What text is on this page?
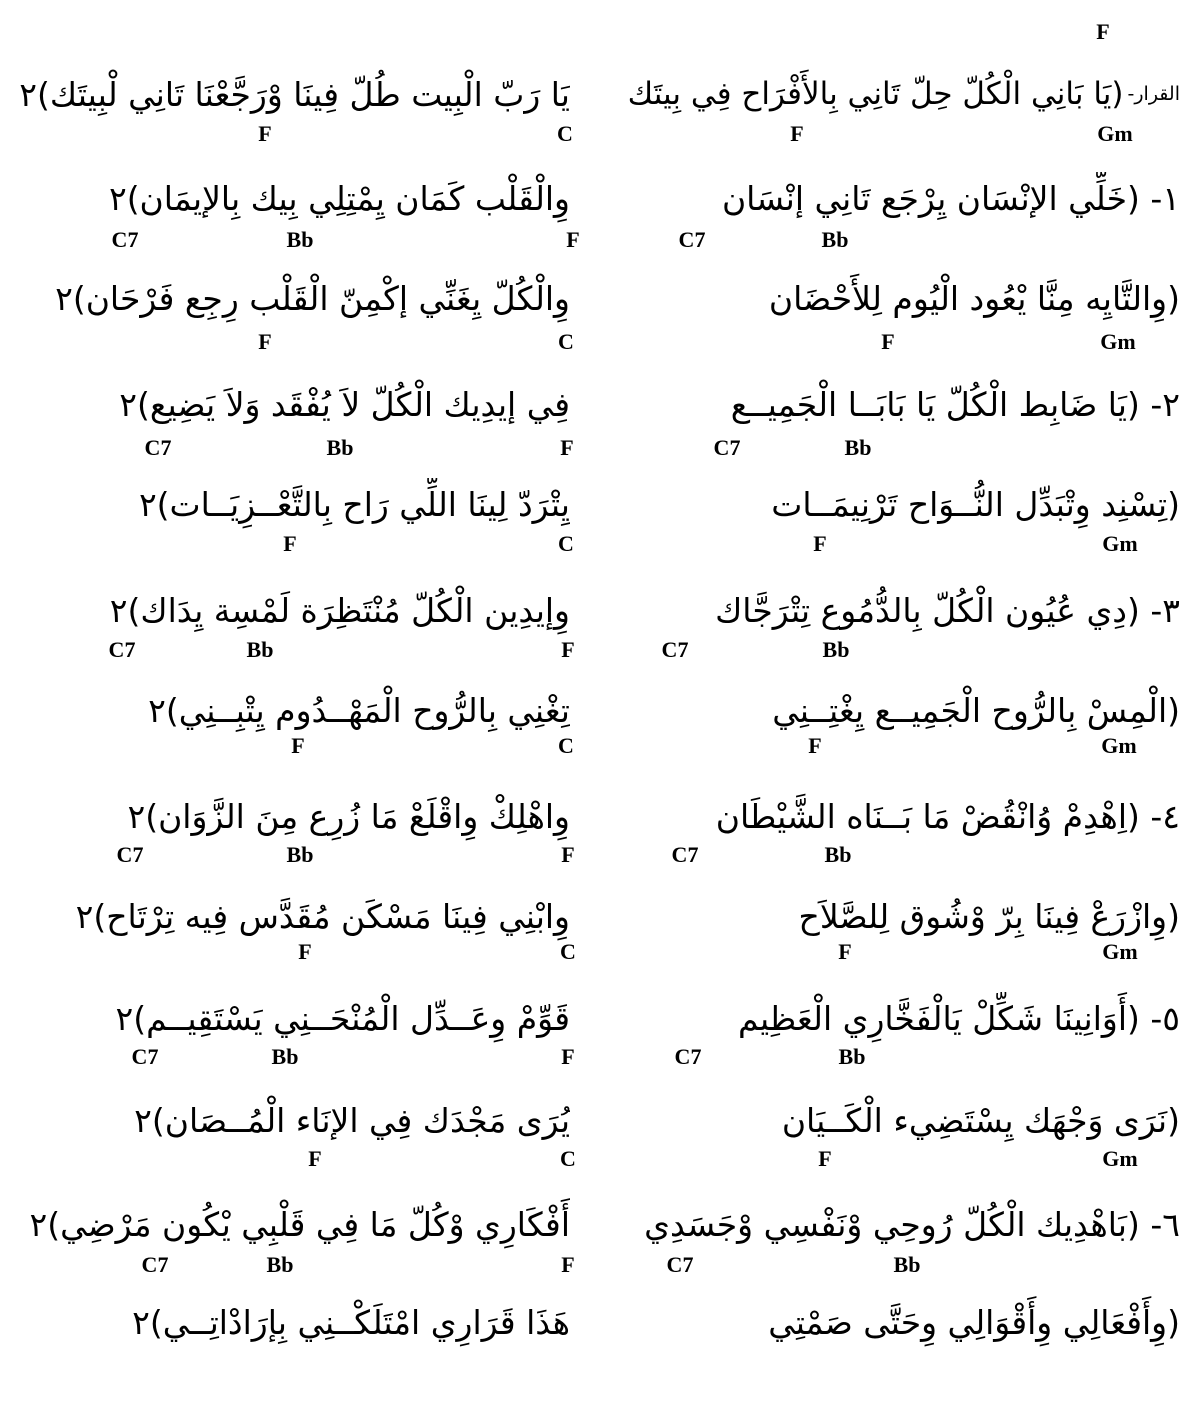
F
Gm
F
C
F
القرار-
(يَا بَانِي الْكُلّ حِلّ تَانِي بِالأَفْرَاح فِي بِيتَك
يَا رَبّ الْبِيت طُلّ فِينَا وْرَجَّعْنَا تَانِي لْبِيتَك)٢
C7	Bb
C7	Bb	F
١- (خَلِّي الإنْسَان يِرْجَع تَانِي إنْسَان
وِالْقَلْب كَمَان يِمْتِلِي بِيك بِالإيمَان)٢
F	Gm
F	C
(وِالتَّايِه مِنَّا يْعُود الْيُوم لِلأَحْضَان
وِالْكُلّ يِغَنِّي إكْمِنّ الْقَلْب رِجِع فَرْحَان)٢
C7	Bb
C7	Bb	F
٢- (يَا ضَابِط الْكُلّ يَا بَابَــا الْجَمِيــع
فِي إيدِيك الْكُلّ لاَ يُفْقَد وَلاَ يَضِيع)٢
F	Gm
F	C
(تِسْنِد وِتْبَدِّل النُّــوَاح تَرْنِيمَــات
يِتْرَدّ لِينَا اللِّي رَاح بِالتَّعْــزِيَــات)٢
C7	Bb
C7	Bb	F
٣- (دِي عُيُون الْكُلّ بِالدُّمُوع تِتْرَجَّاك
وِإيدِين الْكُلّ مُنْتَظِرَة لَمْسِة يِدَاك)٢
F	Gm
F	C
(الْمِسْ بِالرُّوح الْجَمِيــع يِغْتِــنِي
تِغْنِي بِالرُّوح الْمَهْــدُوم يِتْبِــنِي)٢
C7	Bb
C7	Bb	F
٤- (اِهْدِمْ وُانْقُضْ مَا بَــنَاه الشَّيْطَان
وِاهْلِكْ وِاقْلَعْ مَا زُرِع مِنَ الزَّوَان)٢
F	Gm
F	C
(وِازْرَعْ فِينَا بِرّ وْشُوق لِلصَّلاَح
وِابْنِي فِينَا مَسْكَن مُقَدَّس فِيه تِرْتَاح)٢
C7	Bb
C7	Bb	F
٥- (أَوَانِينَا شَكِّلْ يَالْفَخَّارِي الْعَظِيم
قَوِّمْ وِعَــدِّل الْمُنْحَــنِي يَسْتَقِيــم)٢
F	Gm
F	C
(نَرَى وَجْهَك يِسْتَضِيء الْكَــيَان
يُرَى مَجْدَك فِي الإنَاء الْمُــصَان)٢
C7	Bb
C7	Bb	F
٦- (بَاهْدِيك الْكُلّ رُوحِي وْنَفْسِي وْجَسَدِي
أَفْكَارِي وْكُلّ مَا فِي قَلْبِي يْكُون مَرْضِي)٢
(وِأَفْعَالِي وِأَقْوَالِي وِحَتَّى صَمْتِي
هَذَا قَرَارِي امْتَلَكْــنِي بِإرَادْاتِــي)٢
